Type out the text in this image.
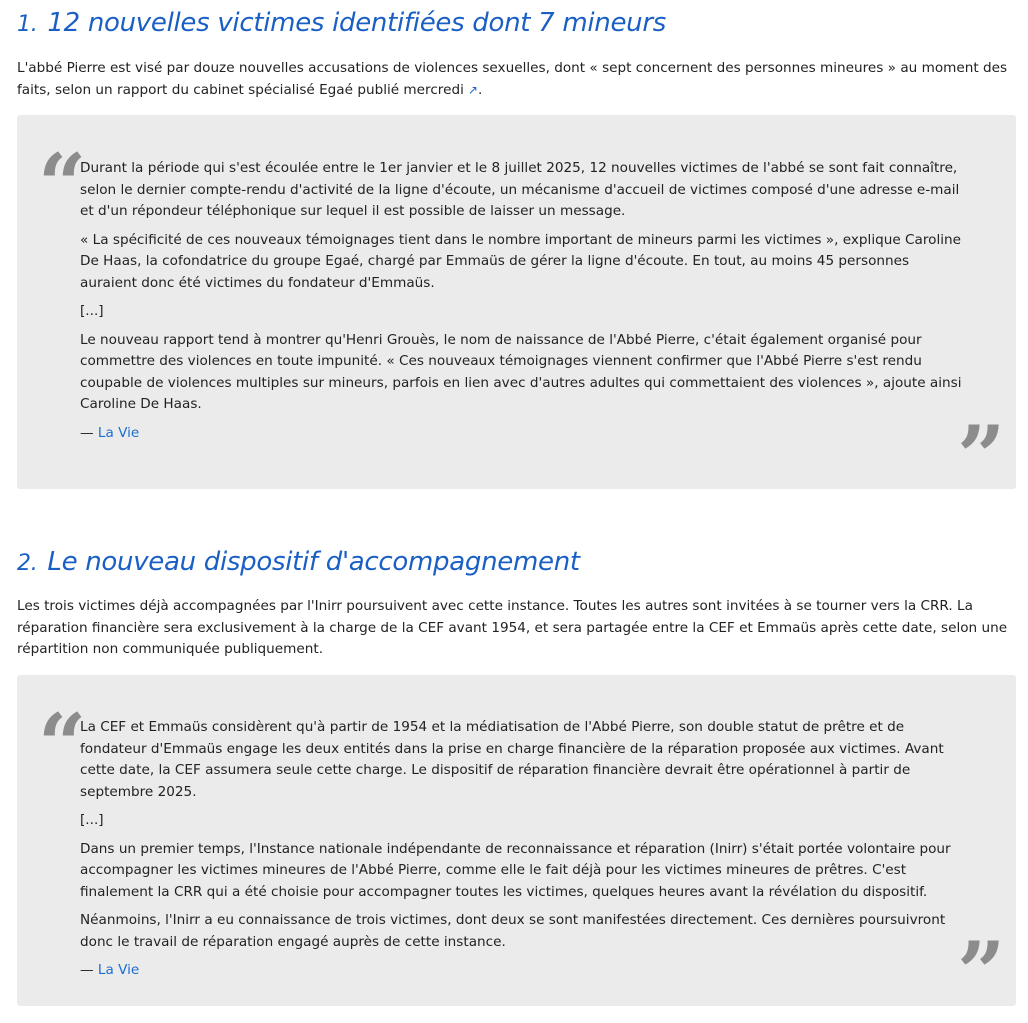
1. 12 nouvelles victimes identifiées dont 7 mineurs

L'abbé Pierre est visé par douze nouvelles accusations de violences sexuelles, dont « sept concernent des personnes mineures » au moment des faits, selon un rapport du cabinet spécialisé Egaé publié mercredi ↗.

“

Durant la période qui s'est écoulée entre le 1er janvier et le 8 juillet 2025, 12 nouvelles victimes de l'abbé se sont fait connaître, selon le dernier compte-rendu d'activité de la ligne d'écoute, un mécanisme d'accueil de victimes composé d'une adresse e-mail et d'un répondeur téléphonique sur lequel il est possible de laisser un message.

« La spécificité de ces nouveaux témoignages tient dans le nombre important de mineurs parmi les victimes », explique Caroline De Haas, la cofondatrice du groupe Egaé, chargé par Emmaüs de gérer la ligne d'écoute. En tout, au moins 45 personnes auraient donc été victimes du fondateur d'Emmaüs.

[...]

Le nouveau rapport tend à montrer qu'Henri Grouès, le nom de naissance de l'Abbé Pierre, c'était également organisé pour commettre des violences en toute impunité. « Ces nouveaux témoignages viennent confirmer que l'Abbé Pierre s'est rendu coupable de violences multiples sur mineurs, parfois en lien avec d'autres adultes qui commettaient des violences », ajoute ainsi Caroline De Haas.

— La Vie	”
2. Le nouveau dispositif d'accompagnement

Les trois victimes déjà accompagnées par l'Inirr poursuivent avec cette instance. Toutes les autres sont invitées à se tourner vers la CRR. La réparation financière sera exclusivement à la charge de la CEF avant 1954, et sera partagée entre la CEF et Emmaüs après cette date, selon une répartition non communiquée publiquement.

“

La CEF et Emmaüs considèrent qu'à partir de 1954 et la médiatisation de l'Abbé Pierre, son double statut de prêtre et de fondateur d'Emmaüs engage les deux entités dans la prise en charge financière de la réparation proposée aux victimes. Avant cette date, la CEF assumera seule cette charge. Le dispositif de réparation financière devrait être opérationnel à partir de septembre 2025.

[...]

Dans un premier temps, l'Instance nationale indépendante de reconnaissance et réparation (Inirr) s'était portée volontaire pour accompagner les victimes mineures de l'Abbé Pierre, comme elle le fait déjà pour les victimes mineures de prêtres. C'est finalement la CRR qui a été choisie pour accompagner toutes les victimes, quelques heures avant la révélation du dispositif.

Néanmoins, l'Inirr a eu connaissance de trois victimes, dont deux se sont manifestées directement. Ces dernières poursuivront donc le travail de réparation engagé auprès de cette instance.

— La Vie	”
